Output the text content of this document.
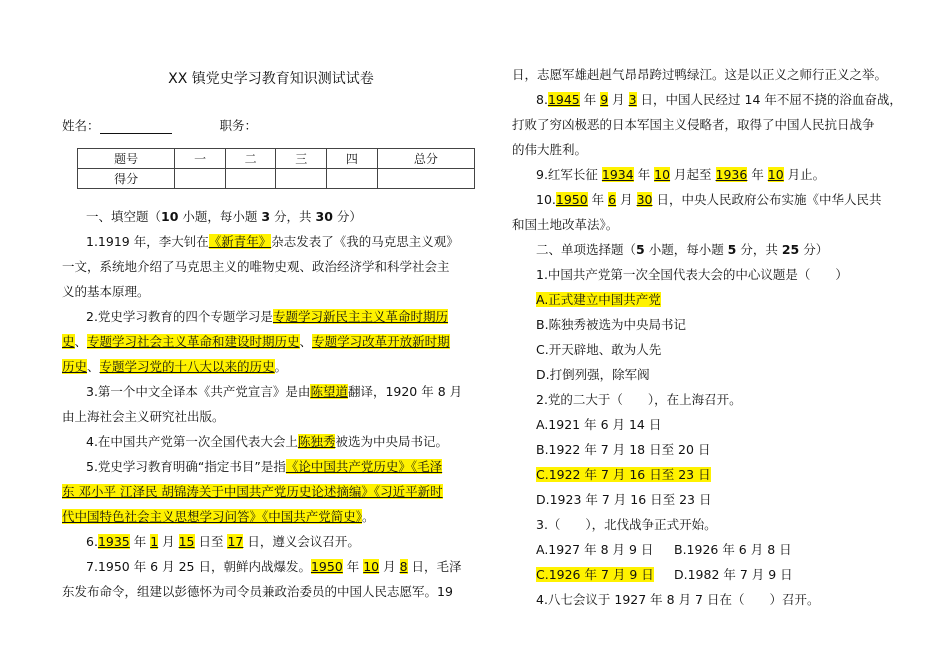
XX 镇党史学习教育知识测试试卷
姓名：	职务：
题号	一	二	三	四	总分
得分					
一、填空题（10 小题，每小题 3 分，共 30 分）
1.1919 年，李大钊在《新青年》杂志发表了《我的马克思主义观》
一文，系统地介绍了马克思主义的唯物史观、政治经济学和科学社会主
义的基本原理。
2.党史学习教育的四个专题学习是专题学习新民主主义革命时期历
史、专题学习社会主义革命和建设时期历史、专题学习改革开放新时期
历史、专题学习党的十八大以来的历史。
3.第一个中文全译本《共产党宣言》是由陈望道翻译，1920 年 8 月
由上海社会主义研究社出版。
4.在中国共产党第一次全国代表大会上陈独秀被选为中央局书记。
5.党史学习教育明确“指定书目”是指《论中国共产党历史》《毛泽
东 邓小平 江泽民 胡锦涛关于中国共产党历史论述摘编》《习近平新时
代中国特色社会主义思想学习问答》《中国共产党简史》。
6.1935 年 1 月 15 日至 17 日，遵义会议召开。
7.1950 年 6 月 25 日，朝鲜内战爆发。1950 年 10 月 8 日，毛泽
东发布命令，组建以彭德怀为司令员兼政治委员的中国人民志愿军。19
日，志愿军雄赳赳气昂昂跨过鸭绿江。这是以正义之师行正义之举。
8.1945 年 9 月 3 日，中国人民经过 14 年不屈不挠的浴血奋战，
打败了穷凶极恶的日本军国主义侵略者，取得了中国人民抗日战争
的伟大胜利。
9.红军长征 1934 年 10 月起至 1936 年 10 月止。
10.1950 年 6 月 30 日，中央人民政府公布实施《中华人民共
和国土地改革法》。
二、单项选择题（5 小题，每小题 5 分，共 25 分）
1.中国共产党第一次全国代表大会的中心议题是（　　）
A.正式建立中国共产党
B.陈独秀被选为中央局书记
C.开天辟地、敢为人先
D.打倒列强，除军阀
2.党的二大于（　　），在上海召开。
A.1921 年 6 月 14 日
B.1922 年 7 月 18 日至 20 日
C.1922 年 7 月 16 日至 23 日
D.1923 年 7 月 16 日至 23 日
3.（　　），北伐战争正式开始。
A.1927 年 8 月 9 日 B.1926 年 6 月 8 日
C.1926 年 7 月 9 日 D.1982 年 7 月 9 日
4.八七会议于 1927 年 8 月 7 日在（　　）召开。
